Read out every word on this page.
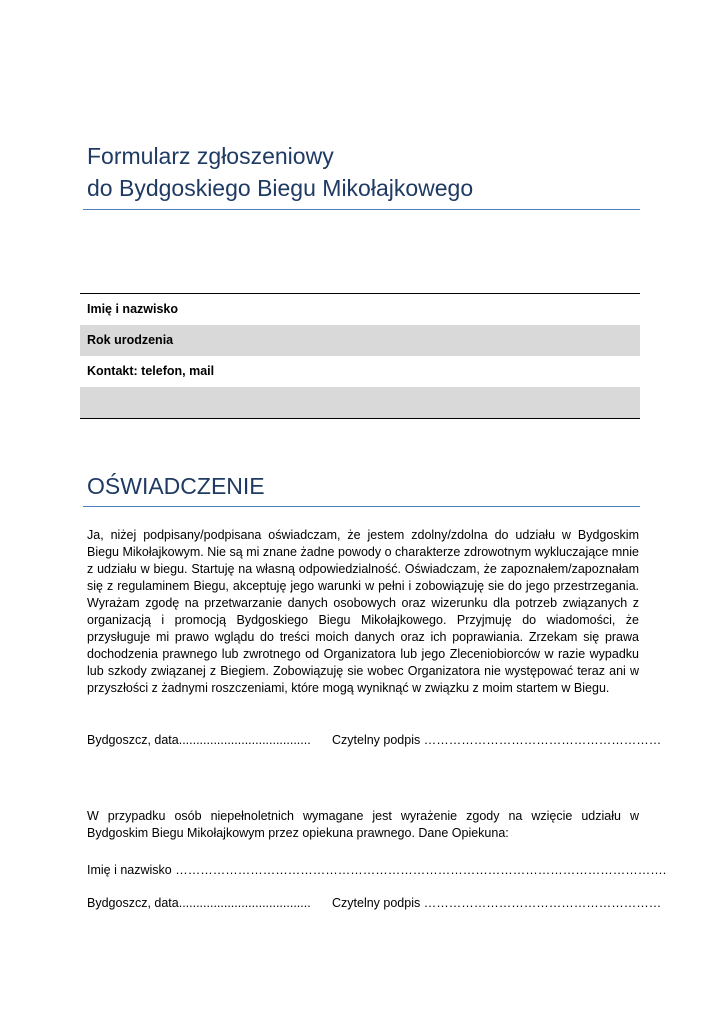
Formularz zgłoszeniowy
do Bydgoskiego Biegu Mikołajkowego
Imię i nazwisko
Rok urodzenia
Kontakt: telefon, mail
OŚWIADCZENIE

Ja, niżej podpisany/podpisana oświadczam, że jestem zdolny/zdolna do udziału w Bydgoskim Biegu Mikołajkowym. Nie są mi znane żadne powody o charakterze zdrowotnym wykluczające mnie z udziału w biegu. Startuję na własną odpowiedzialność. Oświadczam, że zapoznałem/zapoznałam się z regulaminem Biegu, akceptuję jego warunki w pełni i zobowiązuję sie do jego przestrzegania. Wyrażam zgodę na przetwarzanie danych osobowych oraz wizerunku dla potrzeb związanych z organizacją i promocją Bydgoskiego Biegu Mikołajkowego. Przyjmuję do wiadomości, że przysługuje mi prawo wglądu do treści moich danych oraz ich poprawiania. Zrzekam się prawa dochodzenia prawnego lub zwrotnego od Organizatora lub jego Zleceniobiorców w razie wypadku lub szkody związanej z Biegiem. Zobowiązuję sie wobec Organizatora nie występować teraz ani w przyszłości z żadnymi roszczeniami, które mogą wyniknąć w związku z moim startem w Biegu.

Bydgoszcz, data...................................... Czytelny podpis …………………………………………………

W przypadku osób niepełnoletnich wymagane jest wyrażenie zgody na wzięcie udziału w Bydgoskim Biegu Mikołajkowym przez opiekuna prawnego. Dane Opiekuna:

Imię i nazwisko ……………………………………………………………………………………………………….
Bydgoszcz, data...................................... Czytelny podpis …………………………………………………
